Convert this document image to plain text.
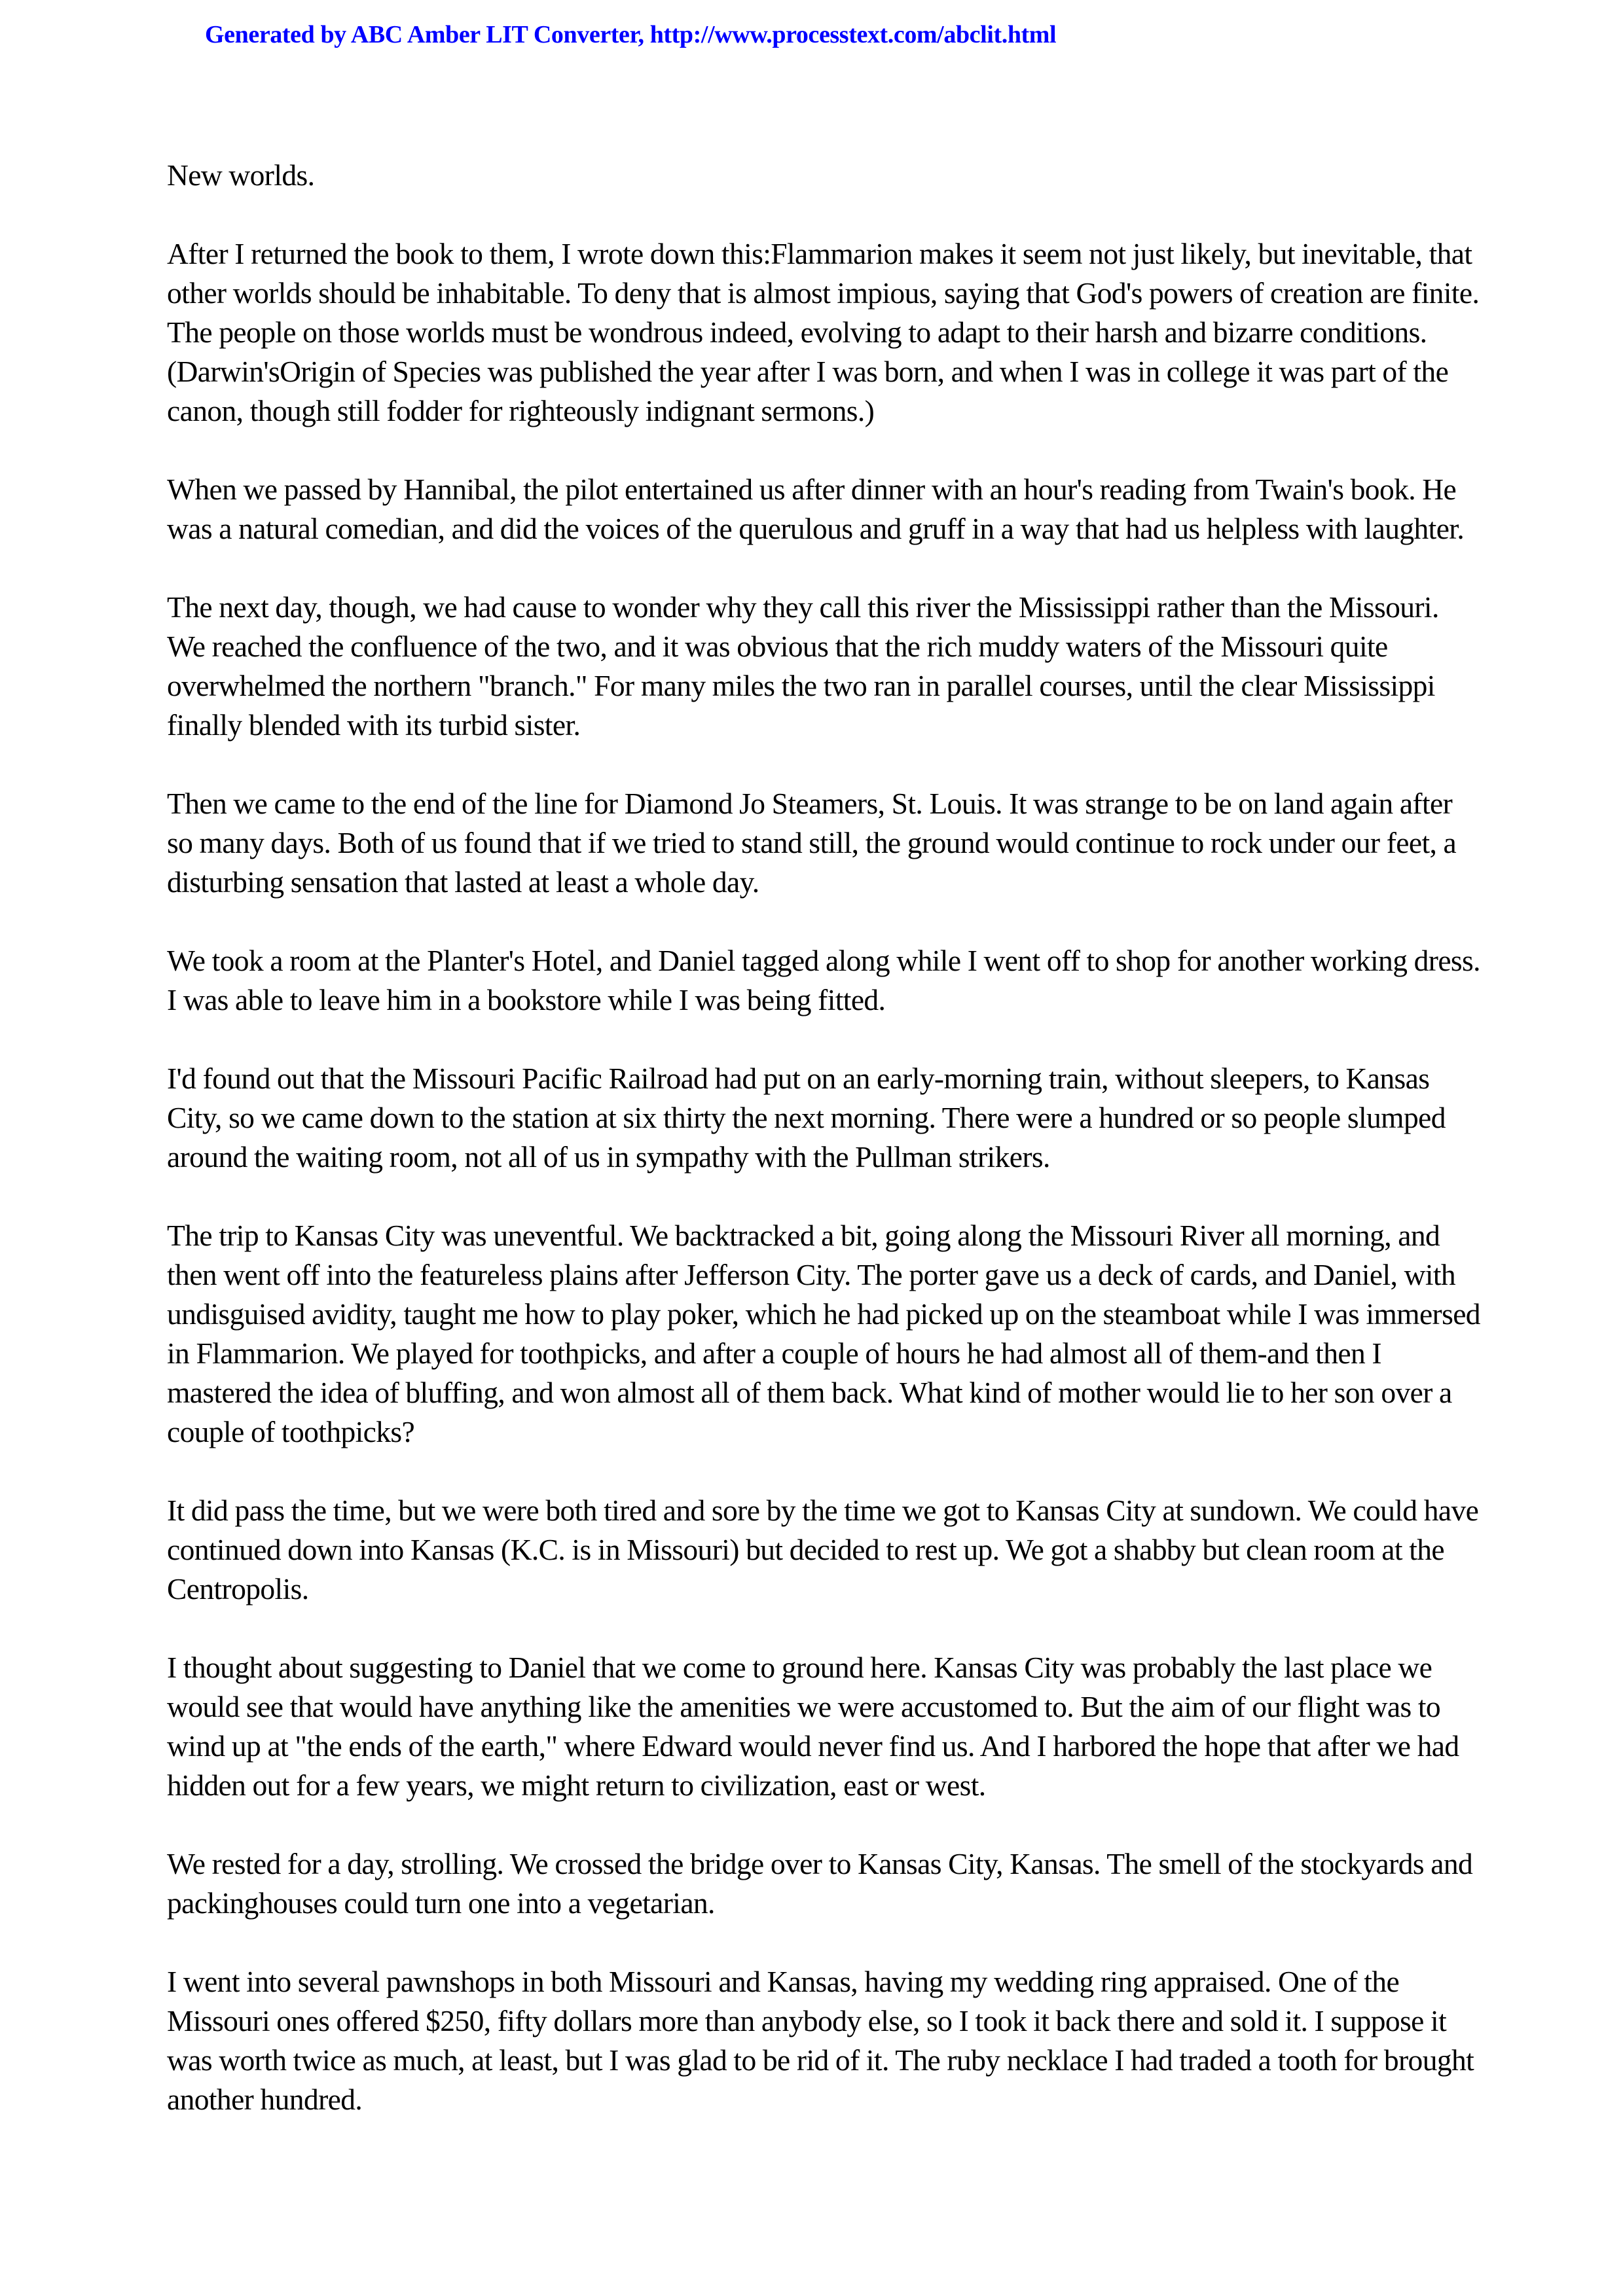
Generated by ABC Amber LIT Converter, http://www.processtext.com/abclit.html

New worlds.

After I returned the book to them, I wrote down this:Flammarion makes it seem not just likely, but inevitable, that other worlds should be inhabitable. To deny that is almost impious, saying that God's powers of creation are finite. The people on those worlds must be wondrous indeed, evolving to adapt to their harsh and bizarre conditions. (Darwin'sOrigin of Species was published the year after I was born, and when I was in college it was part of the canon, though still fodder for righteously indignant sermons.)

When we passed by Hannibal, the pilot entertained us after dinner with an hour's reading from Twain's book. He was a natural comedian, and did the voices of the querulous and gruff in a way that had us helpless with laughter.

The next day, though, we had cause to wonder why they call this river the Mississippi rather than the Missouri. We reached the confluence of the two, and it was obvious that the rich muddy waters of the Missouri quite overwhelmed the northern "branch." For many miles the two ran in parallel courses, until the clear Mississippi finally blended with its turbid sister.

Then we came to the end of the line for Diamond Jo Steamers, St. Louis. It was strange to be on land again after so many days. Both of us found that if we tried to stand still, the ground would continue to rock under our feet, a disturbing sensation that lasted at least a whole day.

We took a room at the Planter's Hotel, and Daniel tagged along while I went off to shop for another working dress. I was able to leave him in a bookstore while I was being fitted.

I'd found out that the Missouri Pacific Railroad had put on an early-morning train, without sleepers, to Kansas City, so we came down to the station at six thirty the next morning. There were a hundred or so people slumped around the waiting room, not all of us in sympathy with the Pullman strikers.

The trip to Kansas City was uneventful. We backtracked a bit, going along the Missouri River all morning, and then went off into the featureless plains after Jefferson City. The porter gave us a deck of cards, and Daniel, with undisguised avidity, taught me how to play poker, which he had picked up on the steamboat while I was immersed in Flammarion. We played for toothpicks, and after a couple of hours he had almost all of them-and then I mastered the idea of bluffing, and won almost all of them back. What kind of mother would lie to her son over a couple of toothpicks?

It did pass the time, but we were both tired and sore by the time we got to Kansas City at sundown. We could have continued down into Kansas (K.C. is in Missouri) but decided to rest up. We got a shabby but clean room at the Centropolis.

I thought about suggesting to Daniel that we come to ground here. Kansas City was probably the last place we would see that would have anything like the amenities we were accustomed to. But the aim of our flight was to wind up at "the ends of the earth," where Edward would never find us. And I harbored the hope that after we had hidden out for a few years, we might return to civilization, east or west.

We rested for a day, strolling. We crossed the bridge over to Kansas City, Kansas. The smell of the stockyards and packinghouses could turn one into a vegetarian.

I went into several pawnshops in both Missouri and Kansas, having my wedding ring appraised. One of the Missouri ones offered $250, fifty dollars more than anybody else, so I took it back there and sold it. I suppose it was worth twice as much, at least, but I was glad to be rid of it. The ruby necklace I had traded a tooth for brought another hundred.
